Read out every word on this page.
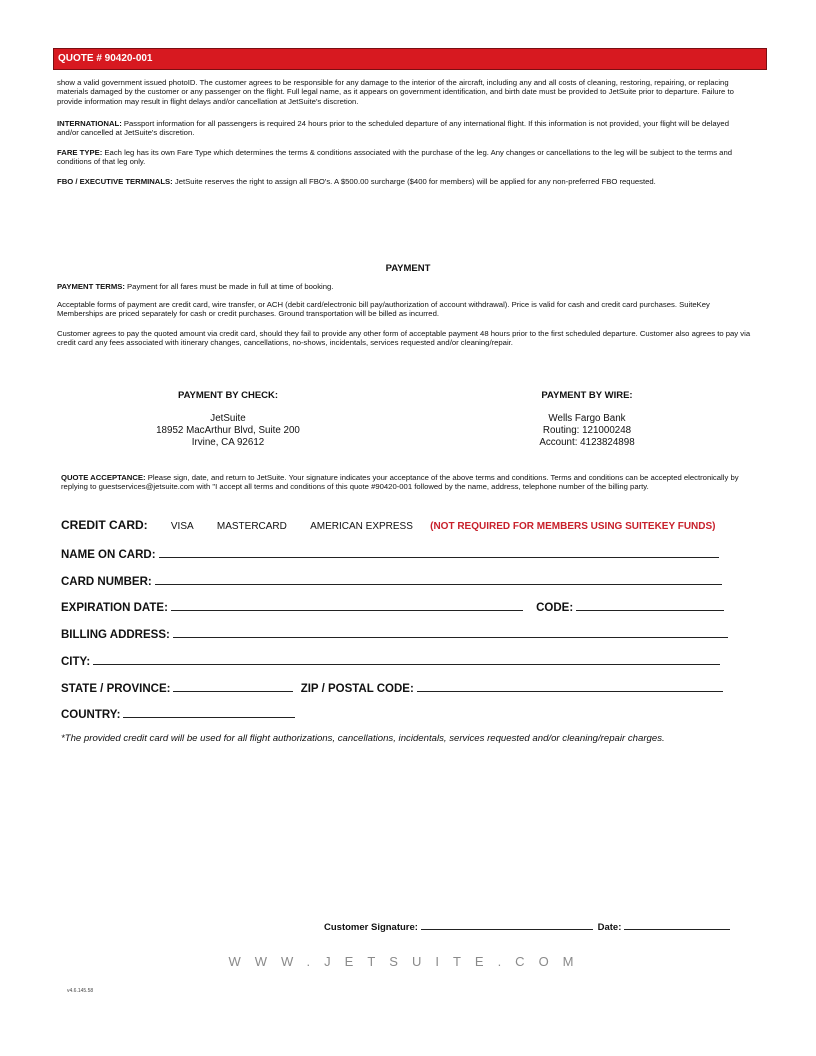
QUOTE # 90420-001
show a valid government issued photoID. The customer agrees to be responsible for any damage to the interior of the aircraft, including any and all costs of cleaning, restoring, repairing, or replacing materials damaged by the customer or any passenger on the flight. Full legal name, as it appears on government identification, and birth date must be provided to JetSuite prior to departure. Failure to provide information may result in flight delays and/or cancellation at JetSuite's discretion.
INTERNATIONAL: Passport information for all passengers is required 24 hours prior to the scheduled departure of any international flight. If this information is not provided, your flight will be delayed and/or cancelled at JetSuite's discretion.
FARE TYPE: Each leg has its own Fare Type which determines the terms & conditions associated with the purchase of the leg. Any changes or cancellations to the leg will be subject to the terms and conditions of that leg only.
FBO / EXECUTIVE TERMINALS: JetSuite reserves the right to assign all FBO's. A $500.00 surcharge ($400 for members) will be applied for any non-preferred FBO requested.
PAYMENT
PAYMENT TERMS: Payment for all fares must be made in full at time of booking.
Acceptable forms of payment are credit card, wire transfer, or ACH (debit card/electronic bill pay/authorization of account withdrawal). Price is valid for cash and credit card purchases. SuiteKey Memberships are priced separately for cash or credit purchases. Ground transportation will be billed as incurred.
Customer agrees to pay the quoted amount via credit card, should they fail to provide any other form of acceptable payment 48 hours prior to the first scheduled departure. Customer also agrees to pay via credit card any fees associated with itinerary changes, cancellations, no-shows, incidentals, services requested and/or cleaning/repair.
PAYMENT BY CHECK:
JetSuite
18952 MacArthur Blvd, Suite 200
Irvine, CA 92612
PAYMENT BY WIRE:
Wells Fargo Bank
Routing: 121000248
Account: 4123824898
QUOTE ACCEPTANCE: Please sign, date, and return to JetSuite. Your signature indicates your acceptance of the above terms and conditions. Terms and conditions can be accepted electronically by replying to guestservices@jetsuite.com with "I accept all terms and conditions of this quote #90420-001 followed by the name, address, telephone number of the billing party.
CREDIT CARD: VISA MASTERCARD AMERICAN EXPRESS (NOT REQUIRED FOR MEMBERS USING SUITEKEY FUNDS)
NAME ON CARD:
CARD NUMBER:
EXPIRATION DATE:	CODE:
BILLING ADDRESS:
CITY:
STATE / PROVINCE:	ZIP / POSTAL CODE:
COUNTRY:
*The provided credit card will be used for all flight authorizations, cancellations, incidentals, services requested and/or cleaning/repair charges.
Customer Signature:	Date:
WWW.JETSUITE.COM
v4.6.145.58
